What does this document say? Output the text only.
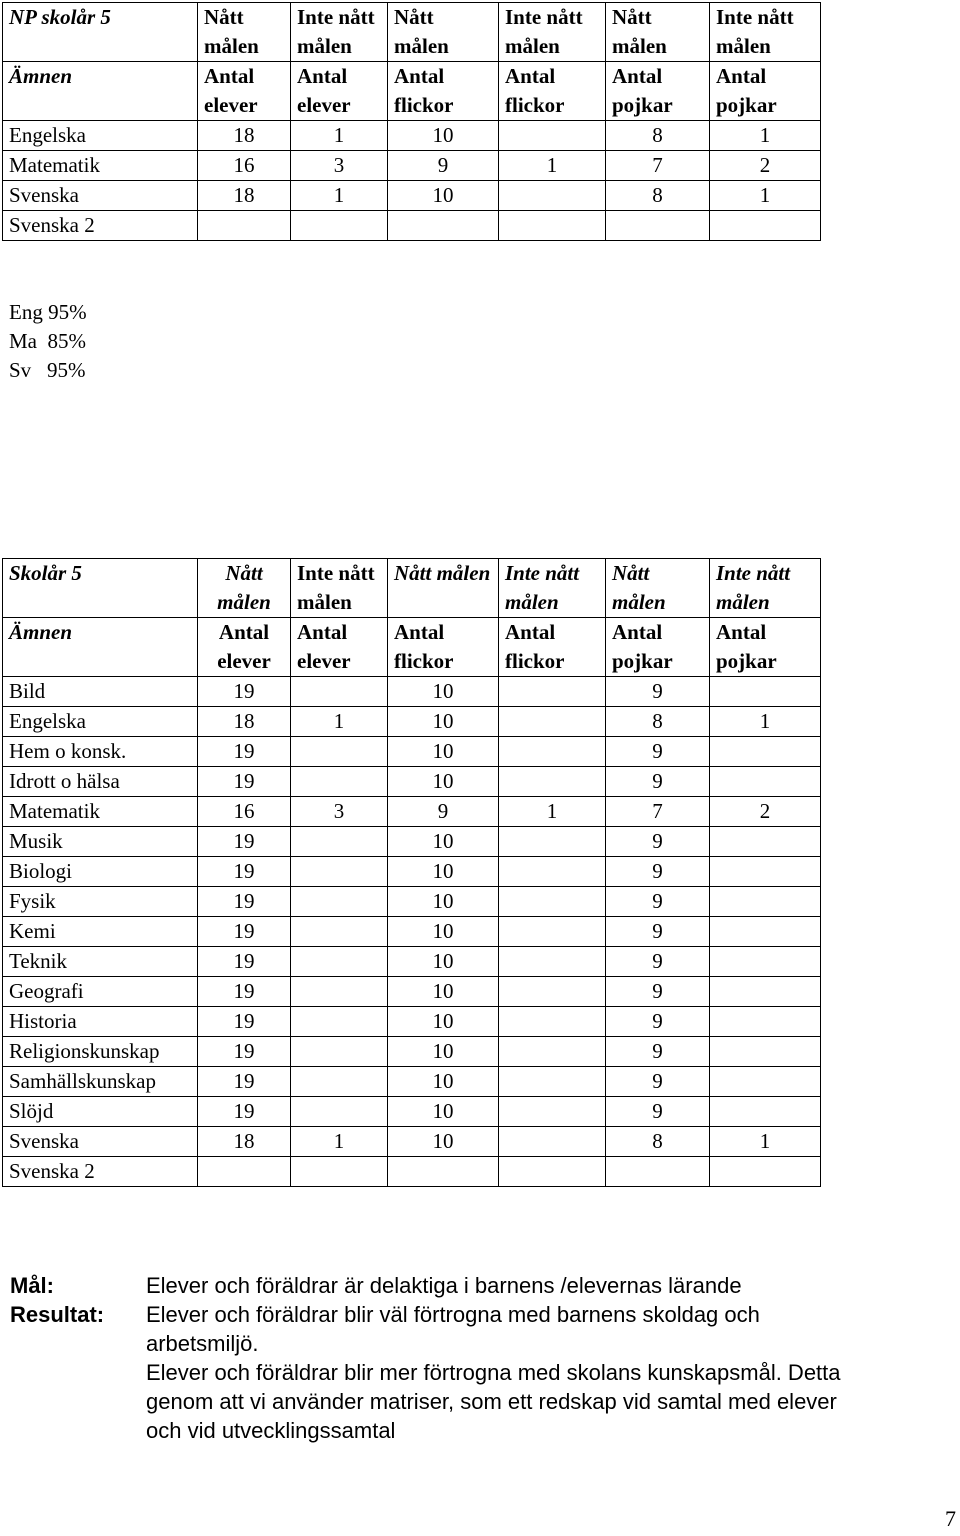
NP skolår 5	Nått målen	Inte nått målen	Nått målen	Inte nått målen	Nått målen	Inte nått målen
Ämnen	Antal elever	Antal elever	Antal flickor	Antal flickor	Antal pojkar	Antal pojkar
Engelska	18	1	10		8	1
Matematik	16	3	9	1	7	2
Svenska	18	1	10		8	1
Svenska 2						
Eng 95%
Ma 85%
Sv 95%
Skolår 5	Nått målen	Inte nått målen	Nått målen	Inte nått målen	Nått målen	Inte nått målen
Ämnen	Antal elever	Antal elever	Antal flickor	Antal flickor	Antal pojkar	Antal pojkar
Bild	19		10		9	
Engelska	18	1	10		8	1
Hem o konsk.	19		10		9	
Idrott o hälsa	19		10		9	
Matematik	16	3	9	1	7	2
Musik	19		10		9	
Biologi	19		10		9	
Fysik	19		10		9	
Kemi	19		10		9	
Teknik	19		10		9	
Geografi	19		10		9	
Historia	19		10		9	
Religionskunskap	19		10		9	
Samhällskunskap	19		10		9	
Slöjd	19		10		9	
Svenska	18	1	10		8	1
Svenska 2						
Mål:
Resultat:
Elever och föräldrar är delaktiga i barnens /elevernas lärande
Elever och föräldrar blir väl förtrogna med barnens skoldag och
arbetsmiljö.
Elever och föräldrar blir mer förtrogna med skolans kunskapsmål. Detta
genom att vi använder matriser, som ett redskap vid samtal med elever
och vid utvecklingssamtal
7
